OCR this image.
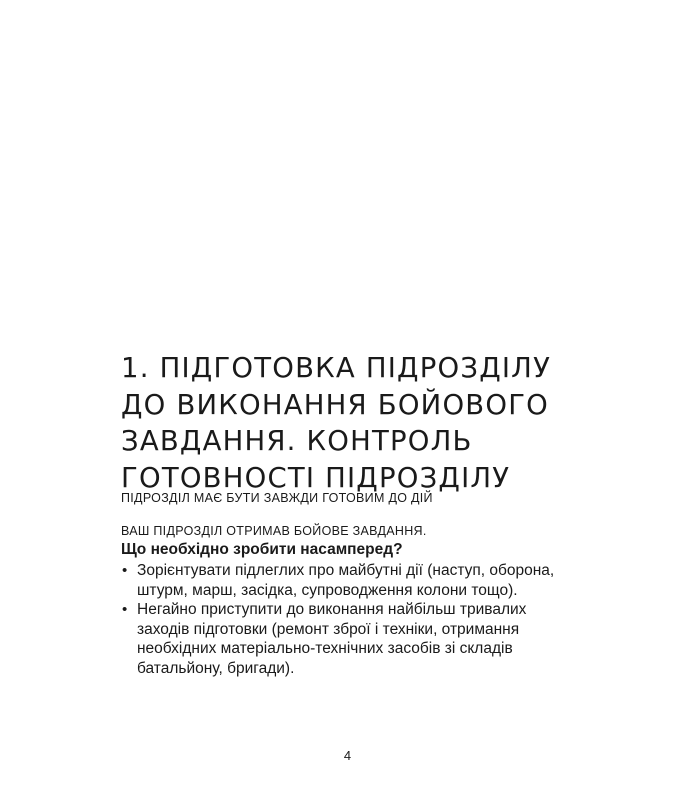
1. ПІДГОТОВКА ПІДРОЗДІЛУ
ДО ВИКОНАННЯ БОЙОВОГО
ЗАВДАННЯ. КОНТРОЛЬ
ГОТОВНОСТІ ПІДРОЗДІЛУ

ПІДРОЗДІЛ МАЄ БУТИ ЗАВЖДИ ГОТОВИМ ДО ДІЙ

ВАШ ПІДРОЗДІЛ ОТРИМАВ БОЙОВЕ ЗАВДАННЯ.

Що необхідно зробити насамперед?

• Зорієнтувати підлеглих про майбутні дії (наступ, оборона, штурм, марш, засідка, супроводження колони тощо).
• Негайно приступити до виконання найбільш тривалих заходів підготовки (ремонт зброї і техніки, отримання необхідних матеріально-технічних засобів зі складів батальйону, бригади).
4
